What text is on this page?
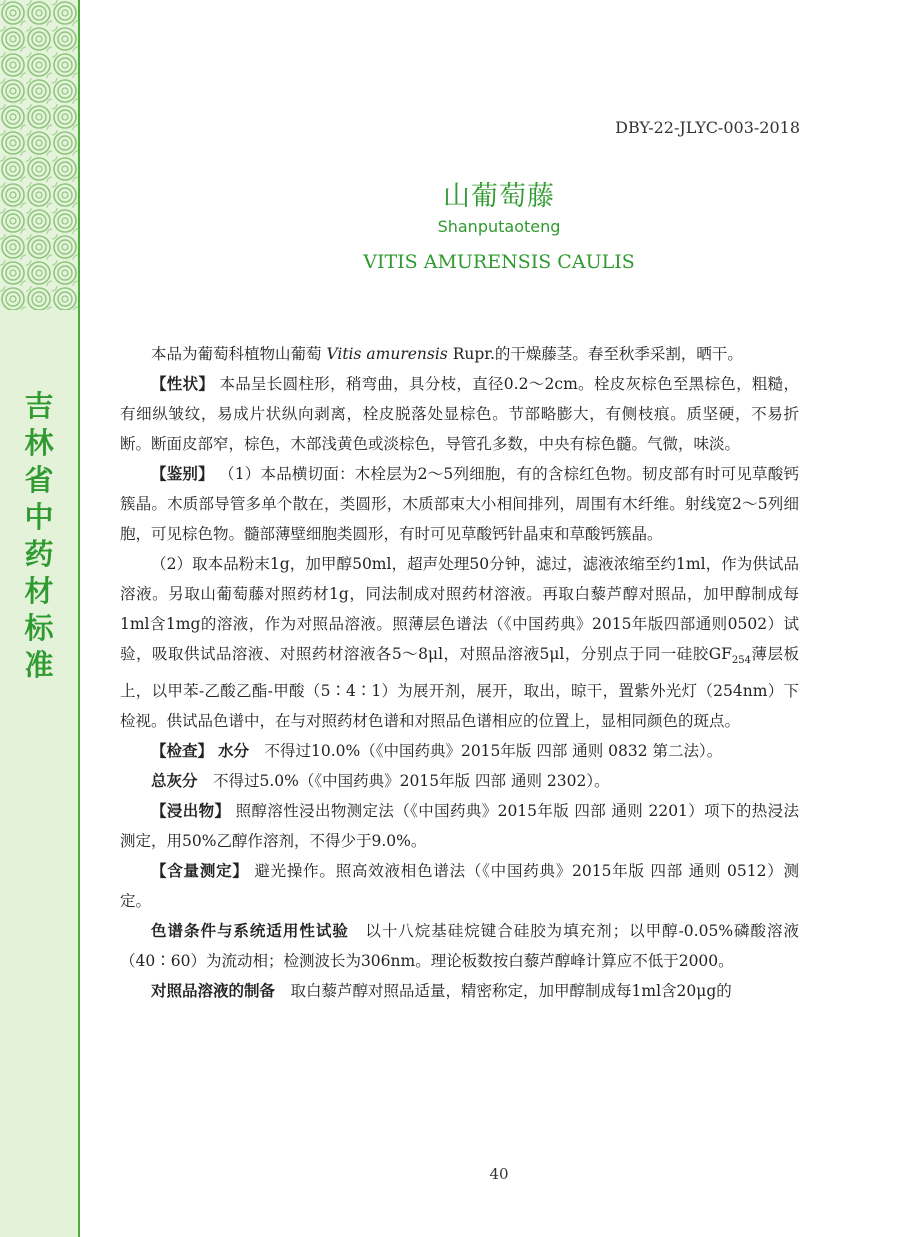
吉林省中药材标准
DBY-22-JLYC-003-2018
山葡萄藤
Shanputaoteng
VITIS AMURENSIS CAULIS

本品为葡萄科植物山葡萄 Vitis amurensis Rupr.的干燥藤茎。春至秋季采割，晒干。

【性状】 本品呈长圆柱形，稍弯曲，具分枝，直径0.2～2cm。栓皮灰棕色至黑棕色，粗糙，有细纵皱纹，易成片状纵向剥离，栓皮脱落处显棕色。节部略膨大，有侧枝痕。质坚硬，不易折断。断面皮部窄，棕色，木部浅黄色或淡棕色，导管孔多数，中央有棕色髓。气微，味淡。

【鉴别】 （1）本品横切面：木栓层为2～5列细胞，有的含棕红色物。韧皮部有时可见草酸钙簇晶。木质部导管多单个散在，类圆形，木质部束大小相间排列，周围有木纤维。射线宽2～5列细胞，可见棕色物。髓部薄壁细胞类圆形，有时可见草酸钙针晶束和草酸钙簇晶。

（2）取本品粉末1g，加甲醇50ml，超声处理50分钟，滤过，滤液浓缩至约1ml，作为供试品溶液。另取山葡萄藤对照药材1g，同法制成对照药材溶液。再取白藜芦醇对照品，加甲醇制成每1ml含1mg的溶液，作为对照品溶液。照薄层色谱法（《中国药典》2015年版四部通则0502）试验，吸取供试品溶液、对照药材溶液各5～8μl，对照品溶液5μl，分别点于同一硅胶$GF_{254}$薄层板上，以甲苯-乙酸乙酯-甲酸（5∶4∶1）为展开剂，展开，取出，晾干，置紫外光灯（254nm）下检视。供试品色谱中，在与对照药材色谱和对照品色谱相应的位置上，显相同颜色的斑点。

【检查】 水分　不得过10.0%（《中国药典》2015年版 四部 通则 0832 第二法）。

总灰分　不得过5.0%（《中国药典》2015年版 四部 通则 2302）。

【浸出物】 照醇溶性浸出物测定法（《中国药典》2015年版 四部 通则 2201）项下的热浸法测定，用50%乙醇作溶剂，不得少于9.0%。

【含量测定】 避光操作。照高效液相色谱法（《中国药典》2015年版 四部 通则 0512）测定。

色谱条件与系统适用性试验　以十八烷基硅烷键合硅胶为填充剂；以甲醇-0.05%磷酸溶液（40∶60）为流动相；检测波长为306nm。理论板数按白藜芦醇峰计算应不低于2000。

对照品溶液的制备　取白藜芦醇对照品适量，精密称定，加甲醇制成每1ml含20μg的

40
